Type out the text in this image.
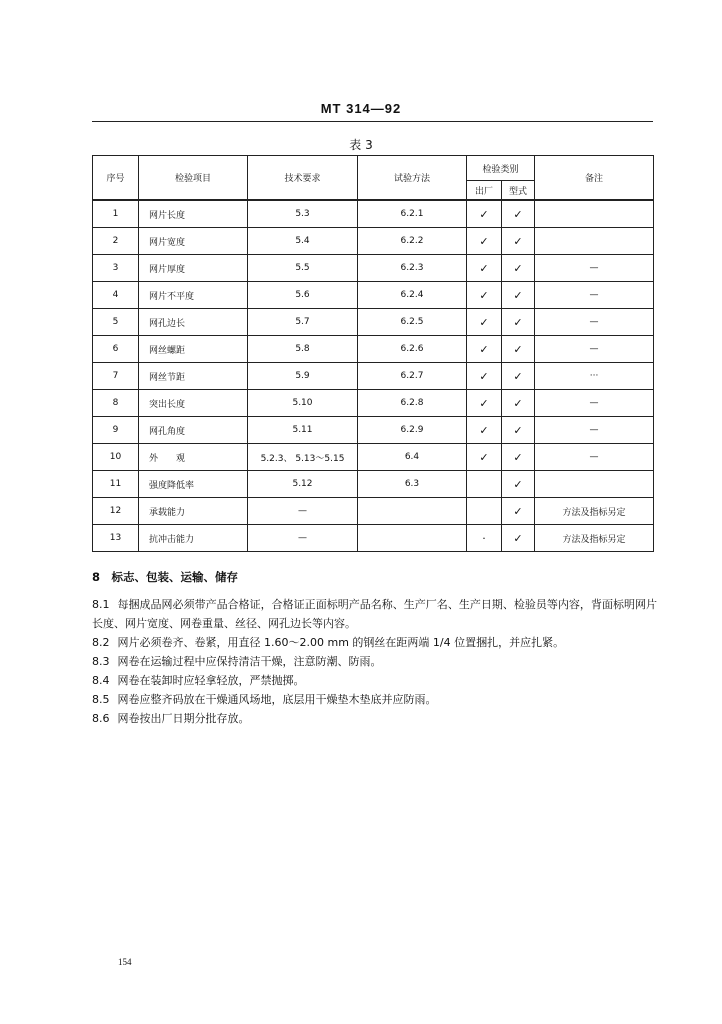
MT 314—92
表 3
序号	检验项目	技术要求	试验方法	检验类别		备注
				出厂	型式	
1	网片长度	5.3	6.2.1	✓	✓	
2	网片宽度	5.4	6.2.2	✓	✓	
3	网片厚度	5.5	6.2.3	✓	✓	—
4	网片不平度	5.6	6.2.4	✓	✓	—
5	网孔边长	5.7	6.2.5	✓	✓	—
6	网丝螺距	5.8	6.2.6	✓	✓	—
7	网丝节距	5.9	6.2.7	✓	✓	···
8	突出长度	5.10	6.2.8	✓	✓	—
9	网孔角度	5.11	6.2.9	✓	✓	—
10	外　　观	5.2.3、 5.13～5.15	6.4	✓	✓	—
11	强度降低率	5.12	6.3		✓	
12	承载能力	—			✓	方法及指标另定
13	抗冲击能力	—		·	✓	方法及指标另定
8　标志、包装、运输、储存

8.1 每捆成品网必须带产品合格证，合格证正面标明产品名称、生产厂名、生产日期、检验员等内容，背面标明网片长度、网片宽度、网卷重量、丝径、网孔边长等内容。

8.2 网片必须卷齐、卷紧，用直径 1.60～2.00 mm 的钢丝在距两端 1/4 位置捆扎，并应扎紧。

8.3 网卷在运输过程中应保持清洁干燥，注意防潮、防雨。

8.4 网卷在装卸时应轻拿轻放，严禁抛掷。

8.5 网卷应整齐码放在干燥通风场地，底层用干燥垫木垫底并应防雨。

8.6 网卷按出厂日期分批存放。

154
